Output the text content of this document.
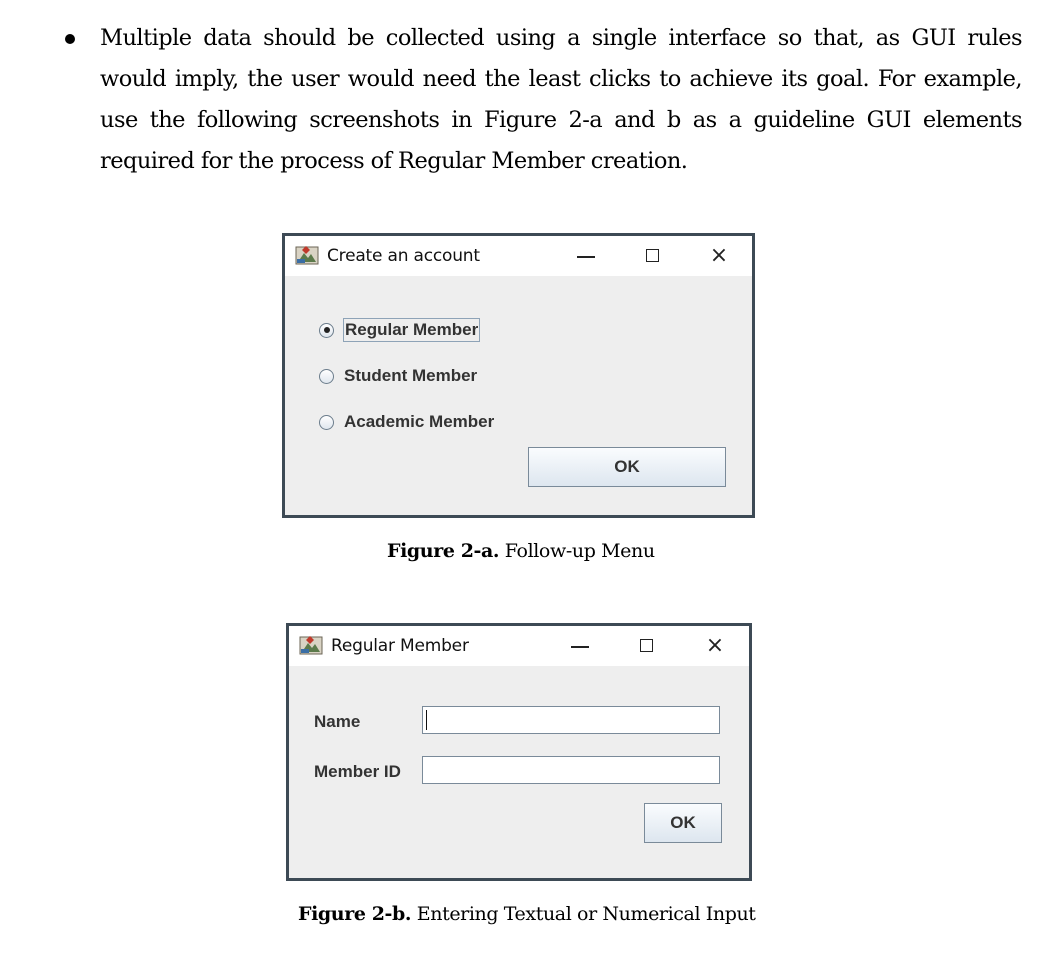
Multiple data should be collected using a single interface so that, as GUI rules would imply, the user would need the least clicks to achieve its goal. For example, use the following screenshots in Figure 2-a and b as a guideline GUI elements required for the process of Regular Member creation.
Create an account	×
Regular Member
Student Member
Academic Member
OK
Figure 2-a. Follow-up Menu
Regular Member	×
Name
Member ID
OK
Figure 2-b. Entering Textual or Numerical Input
